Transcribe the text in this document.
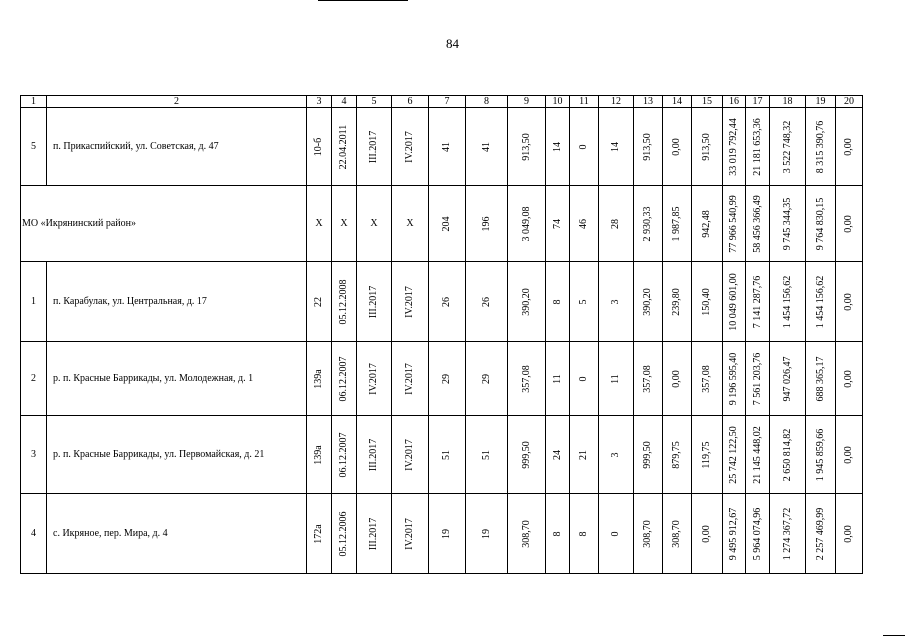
84
1	2	3	4	5	6	7	8	9	10	11	12	13	14	15	16	17	18	19	20
5	п. Прикаспийский, ул. Советская, д. 47	10-б	22.04.2011	III.2017	IV.2017	41	41	913,50	14	0	14	913,50	0,00	913,50	33 019 792,44	21 181 653,36	3 522 748,32	8 315 390,76	0,00

МО «Икрянинский район»		X	X	X	X	204	196	3 049,08	74	46	28	2 930,33	1 987,85	942,48	77 966 540,99	58 456 366,49	9 745 344,35	9 764 830,15	0,00

1	п. Карабулак, ул. Центральная, д. 17	22	05.12.2008	III.2017	IV.2017	26	26	390,20	8	5	3	390,20	239,80	150,40	10 049 601,00	7 141 287,76	1 454 156,62	1 454 156,62	0,00

2	р. п. Красные Баррикады, ул. Молодежная, д. 1	139а	06.12.2007	IV.2017	IV.2017	29	29	357,08	11	0	11	357,08	0,00	357,08	9 196 595,40	7 561 203,76	947 026,47	688 365,17	0,00

3	р. п. Красные Баррикады, ул. Первомайская, д. 21	139а	06.12.2007	III.2017	IV.2017	51	51	999,50	24	21	3	999,50	879,75	119,75	25 742 122,50	21 145 448,02	2 650 814,82	1 945 859,66	0,00

4	с. Икряное, пер. Мира, д. 4	172а	05.12.2006	III.2017	IV.2017	19	19	308,70	8	8	0	308,70	308,70	0,00	9 495 912,67	5 964 074,96	1 274 367,72	2 257 469,99	0,00
